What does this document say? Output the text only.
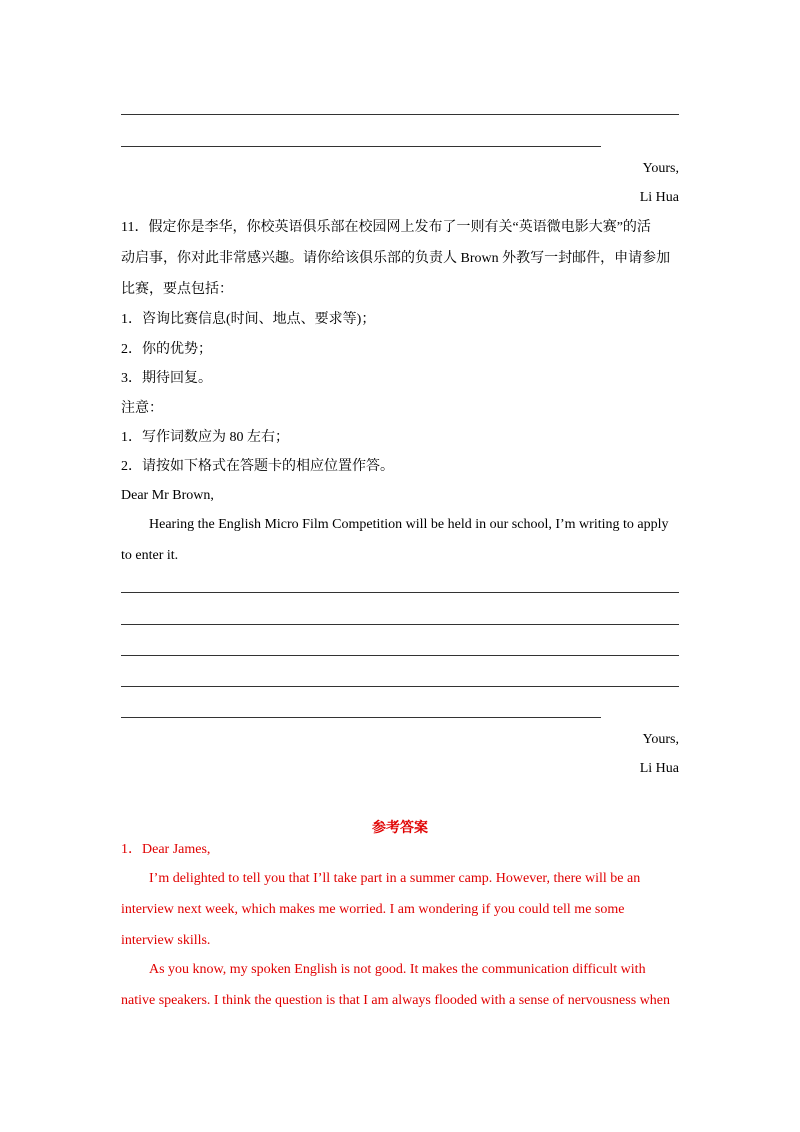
Yours,
Li Hua
11．假定你是李华，你校英语俱乐部在校园网上发布了一则有关“英语微电影大赛”的活
动启事，你对此非常感兴趣。请你给该俱乐部的负责人 Brown 外教写一封邮件，申请参加
比赛，要点包括：
1．咨询比赛信息(时间、地点、要求等)；
2．你的优势；
3．期待回复。
注意：
1．写作词数应为 80 左右；
2．请按如下格式在答题卡的相应位置作答。
Dear Mr Brown,
Hearing the English Micro Film Competition will be held in our school, I’m writing to apply
to enter it.
Yours,
Li Hua
参考答案
1．Dear James,
I’m delighted to tell you that I’ll take part in a summer camp. However, there will be an
interview next week, which makes me worried. I am wondering if you could tell me some
interview skills.
As you know, my spoken English is not good. It makes the communication difficult with
native speakers. I think the question is that I am always flooded with a sense of nervousness when
